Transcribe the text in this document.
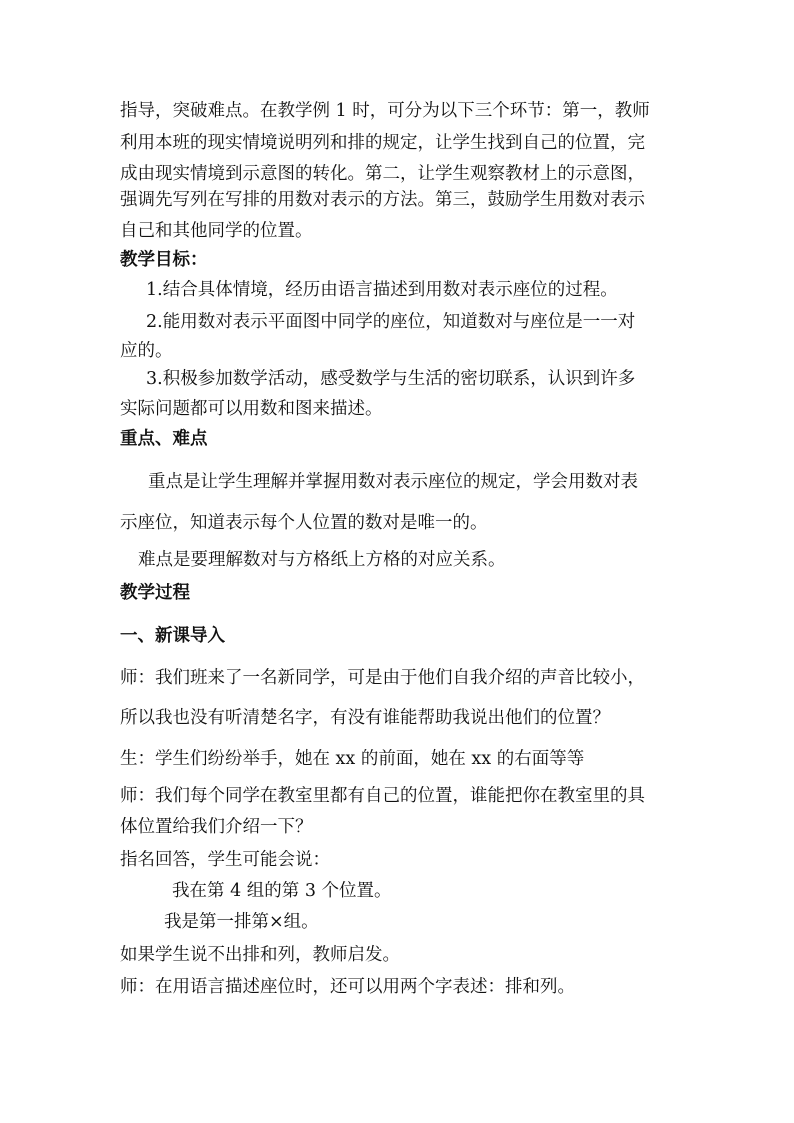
指导，突破难点。在教学例 1 时，可分为以下三个环节：第一，教师
利用本班的现实情境说明列和排的规定，让学生找到自己的位置，完
成由现实情境到示意图的转化。第二，让学生观察教材上的示意图，
强调先写列在写排的用数对表示的方法。第三，鼓励学生用数对表示
自己和其他同学的位置。
教学目标：
1.结合具体情境，经历由语言描述到用数对表示座位的过程。
2.能用数对表示平面图中同学的座位，知道数对与座位是一一对
应的。
3.积极参加数学活动，感受数学与生活的密切联系，认识到许多
实际问题都可以用数和图来描述。
重点、难点
重点是让学生理解并掌握用数对表示座位的规定，学会用数对表
示座位，知道表示每个人位置的数对是唯一的。
难点是要理解数对与方格纸上方格的对应关系。
教学过程
一、新课导入
师：我们班来了一名新同学，可是由于他们自我介绍的声音比较小，
所以我也没有听清楚名字，有没有谁能帮助我说出他们的位置？
生：学生们纷纷举手，她在 xx 的前面，她在 xx 的右面等等
师：我们每个同学在教室里都有自己的位置，谁能把你在教室里的具
体位置给我们介绍一下？
指名回答，学生可能会说：
我在第 4 组的第 3 个位置。
我是第一排第×组。
如果学生说不出排和列，教师启发。
师：在用语言描述座位时，还可以用两个字表述：排和列。
